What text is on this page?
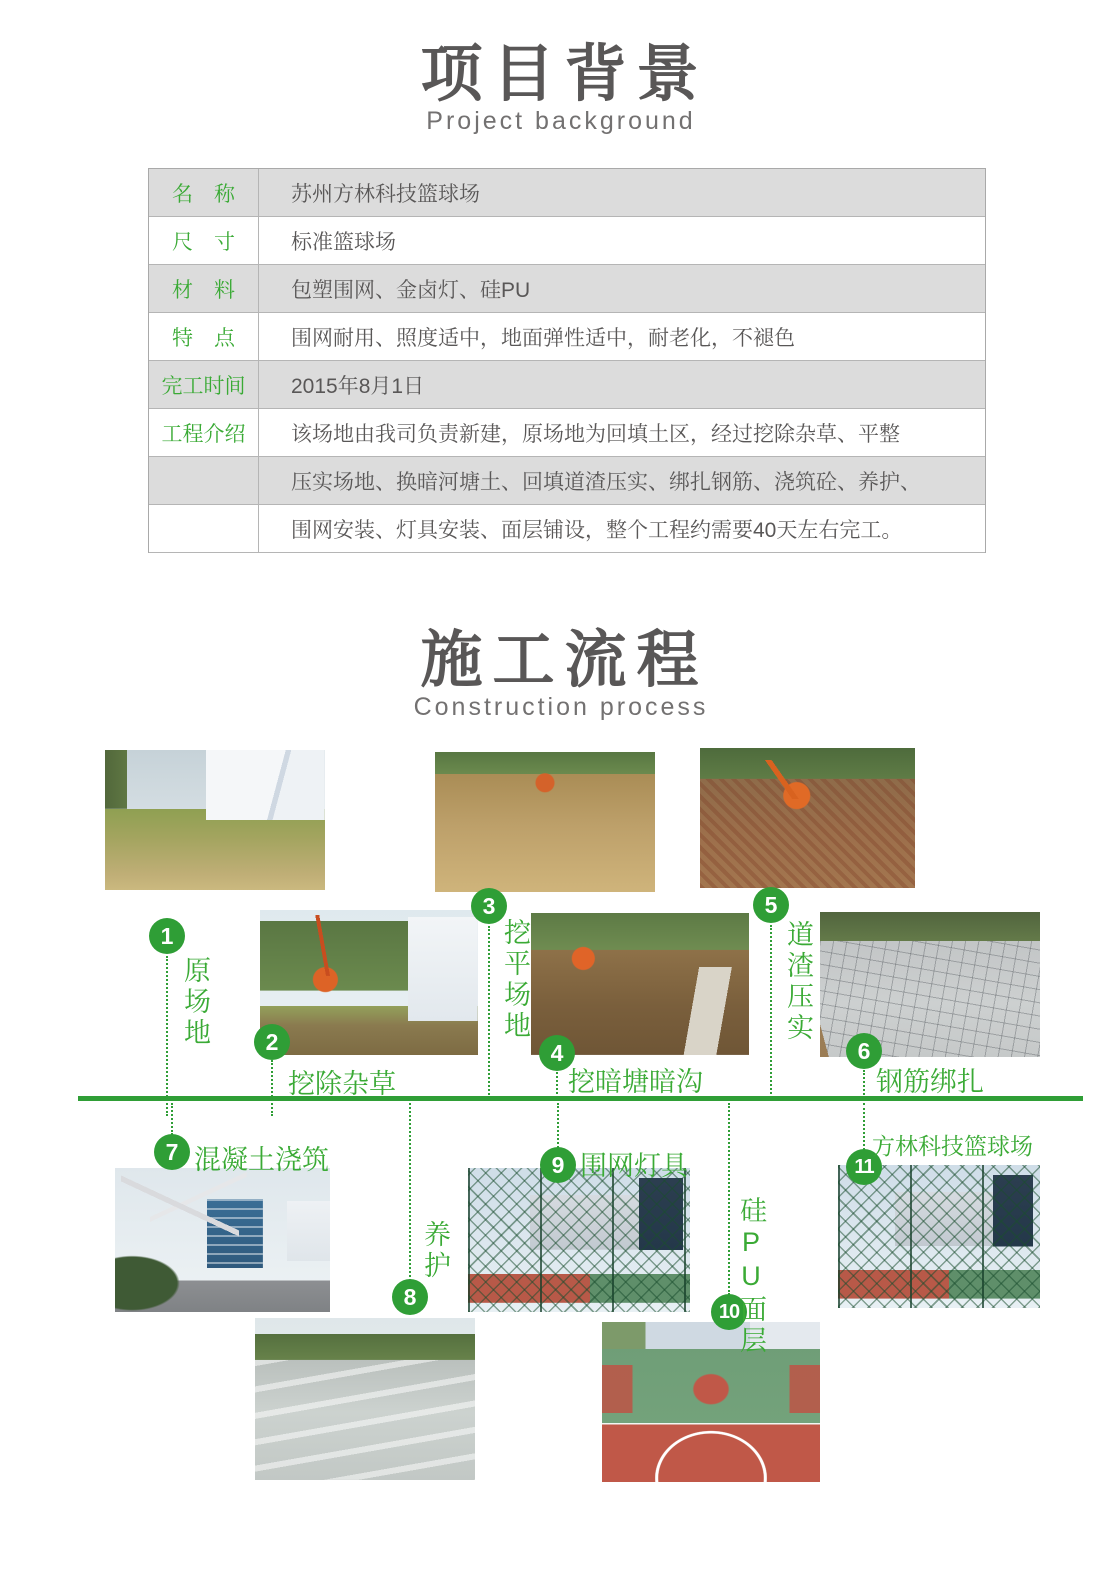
项目背景
Project background
名　称	苏州方林科技篮球场
尺　寸	标准篮球场
材　料	包塑围网、金卤灯、硅PU
特　点	围网耐用、照度适中，地面弹性适中，耐老化，不褪色
完工时间	2015年8月1日
工程介绍	该场地由我司负责新建，原场地为回填土区，经过挖除杂草、平整
压实场地、换暗河塘土、回填道渣压实、绑扎钢筋、浇筑砼、养护、
围网安装、灯具安装、面层铺设，整个工程约需要40天左右完工。
施工流程
Construction process
1
2
3
4
5
6
7
8
9
10
11
原场地	挖平场地	道渣压实
养护	硅PU面层
挖除杂草	挖暗塘暗沟	钢筋绑扎
混凝土浇筑	围网灯具
方林科技篮球场
